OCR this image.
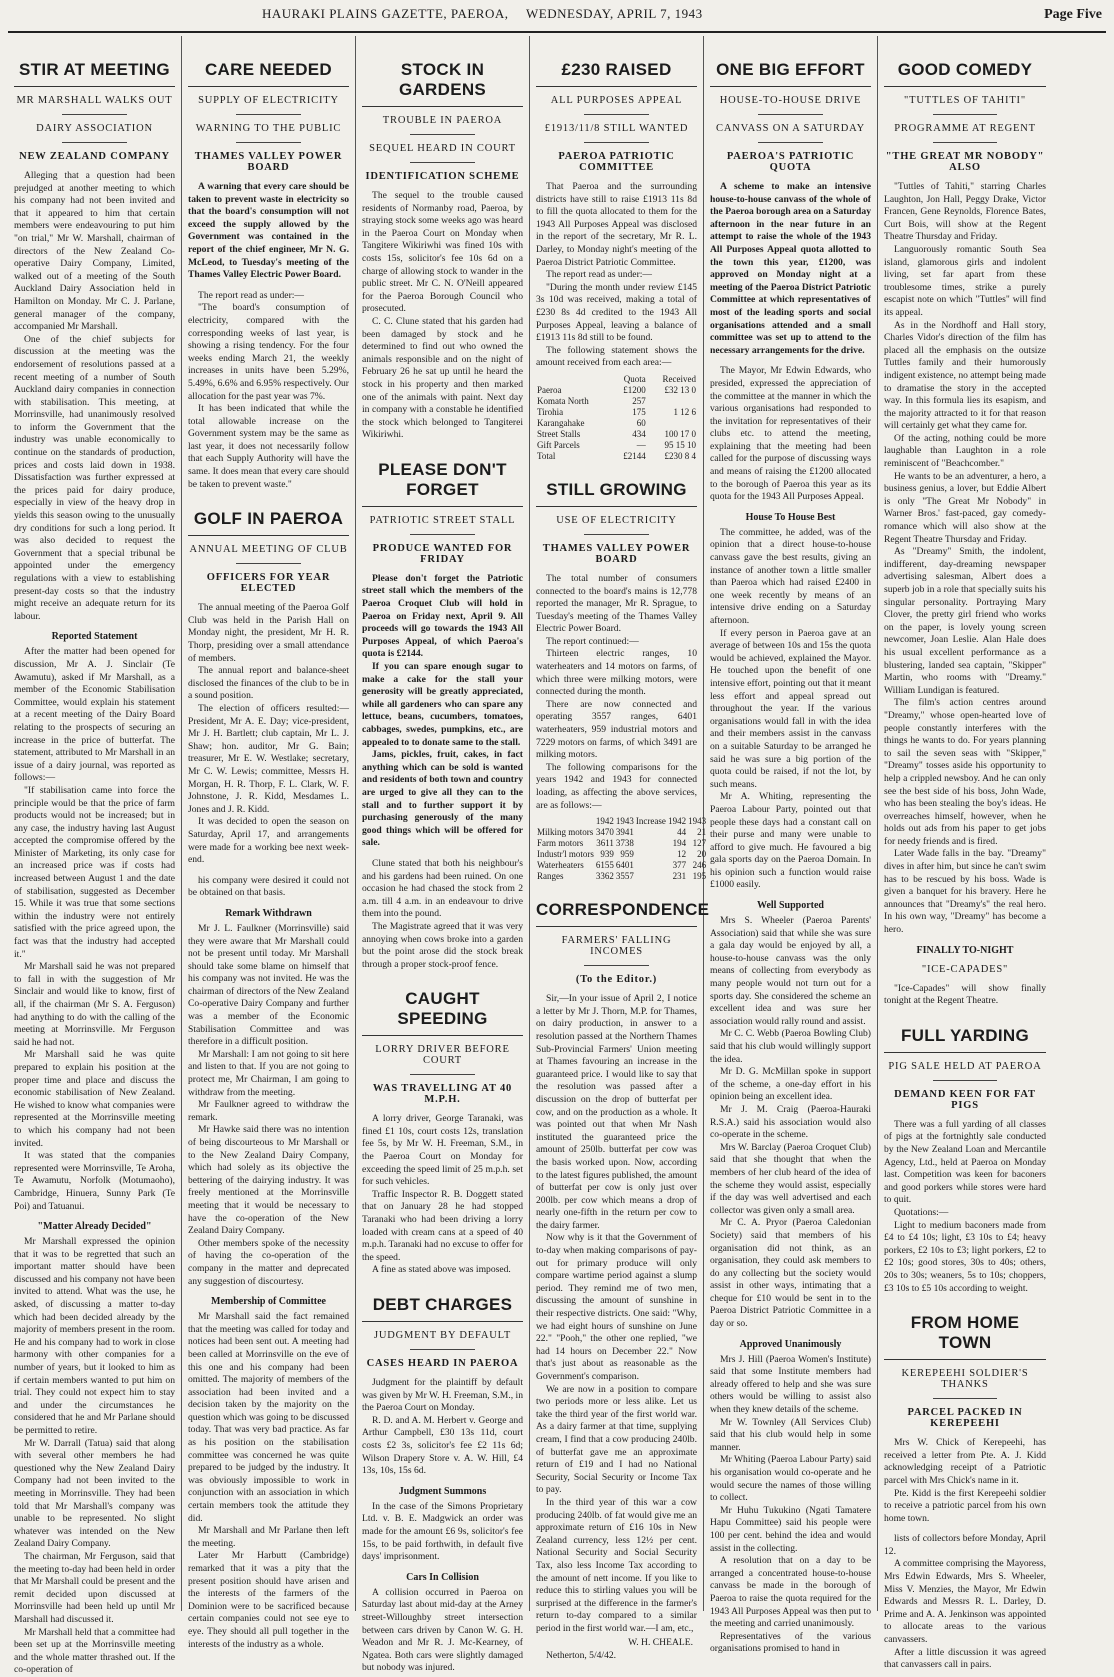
HAURAKI PLAINS GAZETTE, PAEROA, WEDNESDAY, APRIL 7, 1943	Page Five
STIR AT MEETING
MR MARSHALL WALKS OUT
DAIRY ASSOCIATION
NEW ZEALAND COMPANY

Alleging that a question had been prejudged at another meeting to which his company had not been invited and that it appeared to him that certain members were endeavouring to put him "on trial," Mr W. Marshall, chairman of directors of the New Zealand Co-operative Dairy Company, Limited, walked out of a meeting of the South Auckland Dairy Association held in Hamilton on Monday. Mr C. J. Parlane, general manager of the company, accompanied Mr Marshall.

One of the chief subjects for discussion at the meeting was the endorsement of resolutions passed at a recent meeting of a number of South Auckland dairy companies in connection with stabilisation. This meeting, at Morrinsville, had unanimously resolved to inform the Government that the industry was unable economically to continue on the standards of production, prices and costs laid down in 1938. Dissatisfaction was further expressed at the prices paid for dairy produce, especially in view of the heavy drop in yields this season owing to the unusually dry conditions for such a long period. It was also decided to request the Government that a special tribunal be appointed under the emergency regulations with a view to establishing present-day costs so that the industry might receive an adequate return for its labour.

Reported Statement

After the matter had been opened for discussion, Mr A. J. Sinclair (Te Awamutu), asked if Mr Marshall, as a member of the Economic Stabilisation Committee, would explain his statement at a recent meeting of the Dairy Board relating to the prospects of securing an increase in the price of butterfat. The statement, attributed to Mr Marshall in an issue of a dairy journal, was reported as follows:—

"If stabilisation came into force the principle would be that the price of farm products would not be increased; but in any case, the industry having last August accepted the compromise offered by the Minister of Marketing, its only case for an increased price was if costs had increased between August 1 and the date of stabilisation, suggested as December 15. While it was true that some sections within the industry were not entirely satisfied with the price agreed upon, the fact was that the industry had accepted it."

Mr Marshall said he was not prepared to fall in with the suggestion of Mr Sinclair and would like to know, first of all, if the chairman (Mr S. A. Ferguson) had anything to do with the calling of the meeting at Morrinsville. Mr Ferguson said he had not.

Mr Marshall said he was quite prepared to explain his position at the proper time and place and discuss the economic stabilisation of New Zealand. He wished to know what companies were represented at the Morrinsville meeting to which his company had not been invited.

It was stated that the companies represented were Morrinsville, Te Aroha, Te Awamutu, Norfolk (Motumaoho), Cambridge, Hinuera, Sunny Park (Te Poi) and Tatuanui.

"Matter Already Decided"

Mr Marshall expressed the opinion that it was to be regretted that such an important matter should have been discussed and his company not have been invited to attend. What was the use, he asked, of discussing a matter to-day which had been decided already by the majority of members present in the room. He and his company had to work in close harmony with other companies for a number of years, but it looked to him as if certain members wanted to put him on trial. They could not expect him to stay and under the circumstances he considered that he and Mr Parlane should be permitted to retire.

Mr W. Darrall (Tatua) said that along with several other members he had questioned why the New Zealand Dairy Company had not been invited to the meeting in Morrinsville. They had been told that Mr Marshall's company was unable to be represented. No slight whatever was intended on the New Zealand Dairy Company.

The chairman, Mr Ferguson, said that the meeting to-day had been held in order that Mr Marshall could be present and the remit decided upon discussed at Morrinsville had been held up until Mr Marshall had discussed it.

Mr Marshall held that a committee had been set up at the Morrinsville meeting and the whole matter thrashed out. If the co-operation of

CARE NEEDED
SUPPLY OF ELECTRICITY
WARNING TO THE PUBLIC
THAMES VALLEY POWER BOARD

A warning that every care should be taken to prevent waste in electricity so that the board's consumption will not exceed the supply allowed by the Government was contained in the report of the chief engineer, Mr N. G. McLeod, to Tuesday's meeting of the Thames Valley Electric Power Board.

The report read as under:—

"The board's consumption of electricity, compared with the corresponding weeks of last year, is showing a rising tendency. For the four weeks ending March 21, the weekly increases in units have been 5.29%, 5.49%, 6.6% and 6.95% respectively. Our allocation for the past year was 7%.

It has been indicated that while the total allowable increase on the Government system may be the same as last year, it does not necessarily follow that each Supply Authority will have the same. It does mean that every care should be taken to prevent waste."

GOLF IN PAEROA
ANNUAL MEETING OF CLUB
OFFICERS FOR YEAR ELECTED

The annual meeting of the Paeroa Golf Club was held in the Parish Hall on Monday night, the president, Mr H. R. Thorp, presiding over a small attendance of members.

The annual report and balance-sheet disclosed the finances of the club to be in a sound position.

The election of officers resulted:— President, Mr A. E. Day; vice-president, Mr J. H. Bartlett; club captain, Mr L. J. Shaw; hon. auditor, Mr G. Bain; treasurer, Mr E. W. Westlake; secretary, Mr C. W. Lewis; committee, Messrs H. Morgan, H. R. Thorp, F. L. Clark, W. F. Johnstone, J. R. Kidd, Mesdames L. Jones and J. R. Kidd.

It was decided to open the season on Saturday, April 17, and arrangements were made for a working bee next week-end.

his company were desired it could not be obtained on that basis.

Remark Withdrawn

Mr J. L. Faulkner (Morrinsville) said they were aware that Mr Marshall could not be present until today. Mr Marshall should take some blame on himself that his company was not invited. He was the chairman of directors of the New Zealand Co-operative Dairy Company and further was a member of the Economic Stabilisation Committee and was therefore in a difficult position.

Mr Marshall: I am not going to sit here and listen to that. If you are not going to protect me, Mr Chairman, I am going to withdraw from the meeting.

Mr Faulkner agreed to withdraw the remark.

Mr Hawke said there was no intention of being discourteous to Mr Marshall or to the New Zealand Dairy Company, which had solely as its objective the bettering of the dairying industry. It was freely mentioned at the Morrinsville meeting that it would be necessary to have the co-operation of the New Zealand Dairy Company.

Other members spoke of the necessity of having the co-operation of the company in the matter and deprecated any suggestion of discourtesy.

Membership of Committee

Mr Marshall said the fact remained that the meeting was called for today and notices had been sent out. A meeting had been called at Morrinsville on the eve of this one and his company had been omitted. The majority of members of the association had been invited and a decision taken by the majority on the question which was going to be discussed today. That was very bad practice. As far as his position on the stabilisation committee was concerned he was quite prepared to be judged by the industry. It was obviously impossible to work in conjunction with an association in which certain members took the attitude they did.

Mr Marshall and Mr Parlane then left the meeting.

Later Mr Harbutt (Cambridge) remarked that it was a pity that the present position should have arisen and the interests of the farmers of the Dominion were to be sacrificed because certain companies could not see eye to eye. They should all pull together in the interests of the industry as a whole.

STOCK IN GARDENS
TROUBLE IN PAEROA
SEQUEL HEARD IN COURT
IDENTIFICATION SCHEME

The sequel to the trouble caused residents of Normanby road, Paeroa, by straying stock some weeks ago was heard in the Paeroa Court on Monday when Tangitere Wikiriwhi was fined 10s with costs 15s, solicitor's fee 10s 6d on a charge of allowing stock to wander in the public street. Mr C. N. O'Neill appeared for the Paeroa Borough Council who prosecuted.

C. C. Clune stated that his garden had been damaged by stock and he determined to find out who owned the animals responsible and on the night of February 26 he sat up until he heard the stock in his property and then marked one of the animals with paint. Next day in company with a constable he identified the stock which belonged to Tangiterei Wikiriwhi.

PLEASE DON'T FORGET
PATRIOTIC STREET STALL
PRODUCE WANTED FOR FRIDAY

Please don't forget the Patriotic street stall which the members of the Paeroa Croquet Club will hold in Paeroa on Friday next, April 9. All proceeds will go towards the 1943 All Purposes Appeal, of which Paeroa's quota is £2144.

If you can spare enough sugar to make a cake for the stall your generosity will be greatly appreciated, while all gardeners who can spare any lettuce, beans, cucumbers, tomatoes, cabbages, swedes, pumpkins, etc., are appealed to to donate same to the stall.

Jams, pickles, fruit, cakes, in fact anything which can be sold is wanted and residents of both town and country are urged to give all they can to the stall and to further support it by purchasing generously of the many good things which will be offered for sale.

Clune stated that both his neighbour's and his gardens had been ruined. On one occasion he had chased the stock from 2 a.m. till 4 a.m. in an endeavour to drive them into the pound.

The Magistrate agreed that it was very annoying when cows broke into a garden but the point arose did the stock break through a proper stock-proof fence.

CAUGHT SPEEDING
LORRY DRIVER BEFORE COURT
WAS TRAVELLING AT 40 M.P.H.

A lorry driver, George Taranaki, was fined £1 10s, court costs 12s, translation fee 5s, by Mr W. H. Freeman, S.M., in the Paeroa Court on Monday for exceeding the speed limit of 25 m.p.h. set for such vehicles.

Traffic Inspector R. B. Doggett stated that on January 28 he had stopped Taranaki who had been driving a lorry loaded with cream cans at a speed of 40 m.p.h. Taranaki had no excuse to offer for the speed.

A fine as stated above was imposed.

DEBT CHARGES
JUDGMENT BY DEFAULT
CASES HEARD IN PAEROA

Judgment for the plaintiff by default was given by Mr W. H. Freeman, S.M., in the Paeroa Court on Monday.

R. D. and A. M. Herbert v. George and Arthur Campbell, £30 13s 11d, court costs £2 3s, solicitor's fee £2 11s 6d; Wilson Drapery Store v. A. W. Hill, £4 13s, 10s, 15s 6d.

Judgment Summons

In the case of the Simons Proprietary Ltd. v. B. E. Madgwick an order was made for the amount £6 9s, solicitor's fee 15s, to be paid forthwith, in default five days' imprisonment.

Cars In Collision

A collision occurred in Paeroa on Saturday last about mid-day at the Arney street-Willoughby street intersection between cars driven by Canon W. G. H. Weadon and Mr R. J. Mc-Kearney, of Ngatea. Both cars were slightly damaged but nobody was injured.

£230 RAISED
ALL PURPOSES APPEAL
£1913/11/8 STILL WANTED
PAEROA PATRIOTIC COMMITTEE

That Paeroa and the surrounding districts have still to raise £1913 11s 8d to fill the quota allocated to them for the 1943 All Purposes Appeal was disclosed in the report of the secretary, Mr R. L. Darley, to Monday night's meeting of the Paeroa District Patriotic Committee.

The report read as under:—

"During the month under review £145 3s 10d was received, making a total of £230 8s 4d credited to the 1943 All Purposes Appeal, leaving a balance of £1913 11s 8d still to be found.

The following statement shows the amount received from each area:—

	Quota	Received
Paeroa	£1200	£32 13 0
Komata North	257	
Tirohia	175	1 12 6
Karangahake	60	
Street Stalls	434	100 17 0
Gift Parcels	—	95 15 10
Total	£2144	£230 8 4
STILL GROWING
USE OF ELECTRICITY
THAMES VALLEY POWER BOARD

The total number of consumers connected to the board's mains is 12,778 reported the manager, Mr R. Sprague, to Tuesday's meeting of the Thames Valley Electric Power Board.

The report continued:—

Thirteen electric ranges, 10 waterheaters and 14 motors on farms, of which three were milking motors, were connected during the month.

There are now connected and operating 3557 ranges, 6401 waterheaters, 959 industrial motors and 7229 motors on farms, of which 3491 are milking motors.

The following comparisons for the years 1942 and 1943 for connected loading, as affecting the above services, are as follows:—

	1942	1943	Increase 1942	1943
Milking motors	3470	3941	44	21
Farm motors	3611	3738	194	127
Industr'l motors	939	959	12	20
Waterheaters	6155	6401	377	246
Ranges	3362	3557	231	195
CORRESPONDENCE
FARMERS' FALLING INCOMES
(To the Editor.)

Sir,—In your issue of April 2, I notice a letter by Mr J. Thorn, M.P. for Thames, on dairy production, in answer to a resolution passed at the Northern Thames Sub-Provincial Farmers' Union meeting at Thames favouring an increase in the guaranteed price. I would like to say that the resolution was passed after a discussion on the drop of butterfat per cow, and on the production as a whole. It was pointed out that when Mr Nash instituted the guaranteed price the amount of 250lb. butterfat per cow was the basis worked upon. Now, according to the latest figures published, the amount of butterfat per cow is only just over 200lb. per cow which means a drop of nearly one-fifth in the return per cow to the dairy farmer.

Now why is it that the Government of to-day when making comparisons of pay-out for primary produce will only compare wartime period against a slump period. They remind me of two men, discussing the amount of sunshine in their respective districts. One said: "Why, we had eight hours of sunshine on June 22." "Pooh," the other one replied, "we had 14 hours on December 22." Now that's just about as reasonable as the Government's comparison.

We are now in a position to compare two periods more or less alike. Let us take the third year of the first world war. As a dairy farmer at that time, supplying cream, I find that a cow producing 240lb. of butterfat gave me an approximate return of £19 and I had no National Security, Social Security or Income Tax to pay.

In the third year of this war a cow producing 240lb. of fat would give me an approximate return of £16 10s in New Zealand currency, less 12½ per cent. National Security and Social Security Tax, also less Income Tax according to the amount of nett income. If you like to reduce this to stirling values you will be surprised at the difference in the farmer's return to-day compared to a similar period in the first world war.—I am, etc.,

W. H. CHEALE.

Netherton, 5/4/42.

ONE BIG EFFORT
HOUSE-TO-HOUSE DRIVE
CANVASS ON A SATURDAY
PAEROA'S PATRIOTIC QUOTA

A scheme to make an intensive house-to-house canvass of the whole of the Paeroa borough area on a Saturday afternoon in the near future in an attempt to raise the whole of the 1943 All Purposes Appeal quota allotted to the town this year, £1200, was approved on Monday night at a meeting of the Paeroa District Patriotic Committee at which representatives of most of the leading sports and social organisations attended and a small committee was set up to attend to the necessary arrangements for the drive.

The Mayor, Mr Edwin Edwards, who presided, expressed the appreciation of the committee at the manner in which the various organisations had responded to the invitation for representatives of their clubs etc. to attend the meeting, explaining that the meeting had been called for the purpose of discussing ways and means of raising the £1200 allocated to the borough of Paeroa this year as its quota for the 1943 All Purposes Appeal.

House To House Best

The committee, he added, was of the opinion that a direct house-to-house canvass gave the best results, giving an instance of another town a little smaller than Paeroa which had raised £2400 in one week recently by means of an intensive drive ending on a Saturday afternoon.

If every person in Paeroa gave at an average of between 10s and 15s the quota would be achieved, explained the Mayor. He touched upon the benefit of one intensive effort, pointing out that it meant less effort and appeal spread out throughout the year. If the various organisations would fall in with the idea and their members assist in the canvass on a suitable Saturday to be arranged he said he was sure a big portion of the quota could be raised, if not the lot, by such means.

Mr A. Whiting, representing the Paeroa Labour Party, pointed out that people these days had a constant call on their purse and many were unable to afford to give much. He favoured a big gala sports day on the Paeroa Domain. In his opinion such a function would raise £1000 easily.

Well Supported

Mrs S. Wheeler (Paeroa Parents' Association) said that while she was sure a gala day would be enjoyed by all, a house-to-house canvass was the only means of collecting from everybody as many people would not turn out for a sports day. She considered the scheme an excellent idea and was sure her association would rally round and assist.

Mr C. C. Webb (Paeroa Bowling Club) said that his club would willingly support the idea.

Mr D. G. McMillan spoke in support of the scheme, a one-day effort in his opinion being an excellent idea.

Mr J. M. Craig (Paeroa-Hauraki R.S.A.) said his association would also co-operate in the scheme.

Mrs W. Barclay (Paeroa Croquet Club) said that she thought that when the members of her club heard of the idea of the scheme they would assist, especially if the day was well advertised and each collector was given only a small area.

Mr C. A. Pryor (Paeroa Caledonian Society) said that members of his organisation did not think, as an organisation, they could ask members to do any collecting but the society would assist in other ways, intimating that a cheque for £10 would be sent in to the Paeroa District Patriotic Committee in a day or so.

Approved Unanimously

Mrs J. Hill (Paeroa Women's Institute) said that some Institute members had already offered to help and she was sure others would be willing to assist also when they knew details of the scheme.

Mr W. Townley (All Services Club) said that his club would help in some manner.

Mr Whiting (Paeroa Labour Party) said his organisation would co-operate and he would secure the names of those willing to collect.

Mr Huhu Tukukino (Ngati Tamatere Hapu Committee) said his people were 100 per cent. behind the idea and would assist in the collecting.

A resolution that on a day to be arranged a concentrated house-to-house canvass be made in the borough of Paeroa to raise the quota required for the 1943 All Purposes Appeal was then put to the meeting and carried unanimously.

Representatives of the various organisations promised to hand in

GOOD COMEDY
"TUTTLES OF TAHITI"
PROGRAMME AT REGENT
"THE GREAT MR NOBODY" ALSO

"Tuttles of Tahiti," starring Charles Laughton, Jon Hall, Peggy Drake, Victor Francen, Gene Reynolds, Florence Bates, Curt Bois, will show at the Regent Theatre Thursday and Friday.

Languorously romantic South Sea island, glamorous girls and indolent living, set far apart from these troublesome times, strike a purely escapist note on which "Tuttles" will find its appeal.

As in the Nordhoff and Hall story, Charles Vidor's direction of the film has placed all the emphasis on the outsize Tuttles family and their humorously indigent existence, no attempt being made to dramatise the story in the accepted way. In this formula lies its esapism, and the majority attracted to it for that reason will certainly get what they came for.

Of the acting, nothing could be more laughable than Laughton in a role reminiscent of "Beachcomber."

He wants to be an adventurer, a hero, a business genius, a lover, but Eddie Albert is only "The Great Mr Nobody" in Warner Bros.' fast-paced, gay comedy-romance which will also show at the Regent Theatre Thursday and Friday.

As "Dreamy" Smith, the indolent, indifferent, day-dreaming newspaper advertising salesman, Albert does a superb job in a role that specially suits his singular personality. Portraying Mary Clover, the pretty girl friend who works on the paper, is lovely young screen newcomer, Joan Leslie. Alan Hale does his usual excellent performance as a blustering, landed sea captain, "Skipper" Martin, who rooms with "Dreamy." William Lundigan is featured.

The film's action centres around "Dreamy," whose open-hearted love of people constantly interferes with the things he wants to do. For years planning to sail the seven seas with "Skipper," "Dreamy" tosses aside his opportunity to help a crippled newsboy. And he can only see the best side of his boss, John Wade, who has been stealing the boy's ideas. He overreaches himself, however, when he holds out ads from his paper to get jobs for needy friends and is fired.

Later Wade falls in the bay. "Dreamy" dives in after him, but since he can't swim has to be rescued by his boss. Wade is given a banquet for his bravery. Here he announces that "Dreamy's" the real hero. In his own way, "Dreamy" has become a hero.

FINALLY TO-NIGHT
"ICE-CAPADES"

"Ice-Capades" will show finally tonight at the Regent Theatre.

FULL YARDING
PIG SALE HELD AT PAEROA
DEMAND KEEN FOR FAT PIGS

There was a full yarding of all classes of pigs at the fortnightly sale conducted by the New Zealand Loan and Mercantile Agency, Ltd., held at Paeroa on Monday last. Competition was keen for baconers and good porkers while stores were hard to quit.

Quotations:—

Light to medium baconers made from £4 to £4 10s; light, £3 10s to £4; heavy porkers, £2 10s to £3; light porkers, £2 to £2 10s; good stores, 30s to 40s; others, 20s to 30s; weaners, 5s to 10s; choppers, £3 10s to £5 10s according to weight.

FROM HOME TOWN
KEREPEEHI SOLDIER'S THANKS
PARCEL PACKED IN KEREPEEHI

Mrs W. Chick of Kerepeehi, has received a letter from Pte. A. J. Kidd acknowledging receipt of a Patriotic parcel with Mrs Chick's name in it.

Pte. Kidd is the first Kerepeehi soldier to receive a patriotic parcel from his own home town.

lists of collectors before Monday, April 12.

A committee comprising the Mayoress, Mrs Edwin Edwards, Mrs S. Wheeler, Miss V. Menzies, the Mayor, Mr Edwin Edwards and Messrs R. L. Darley, D. Prime and A. A. Jenkinson was appointed to allocate areas to the various canvassers.

After a little discussion it was agreed that canvassers call in pairs.
